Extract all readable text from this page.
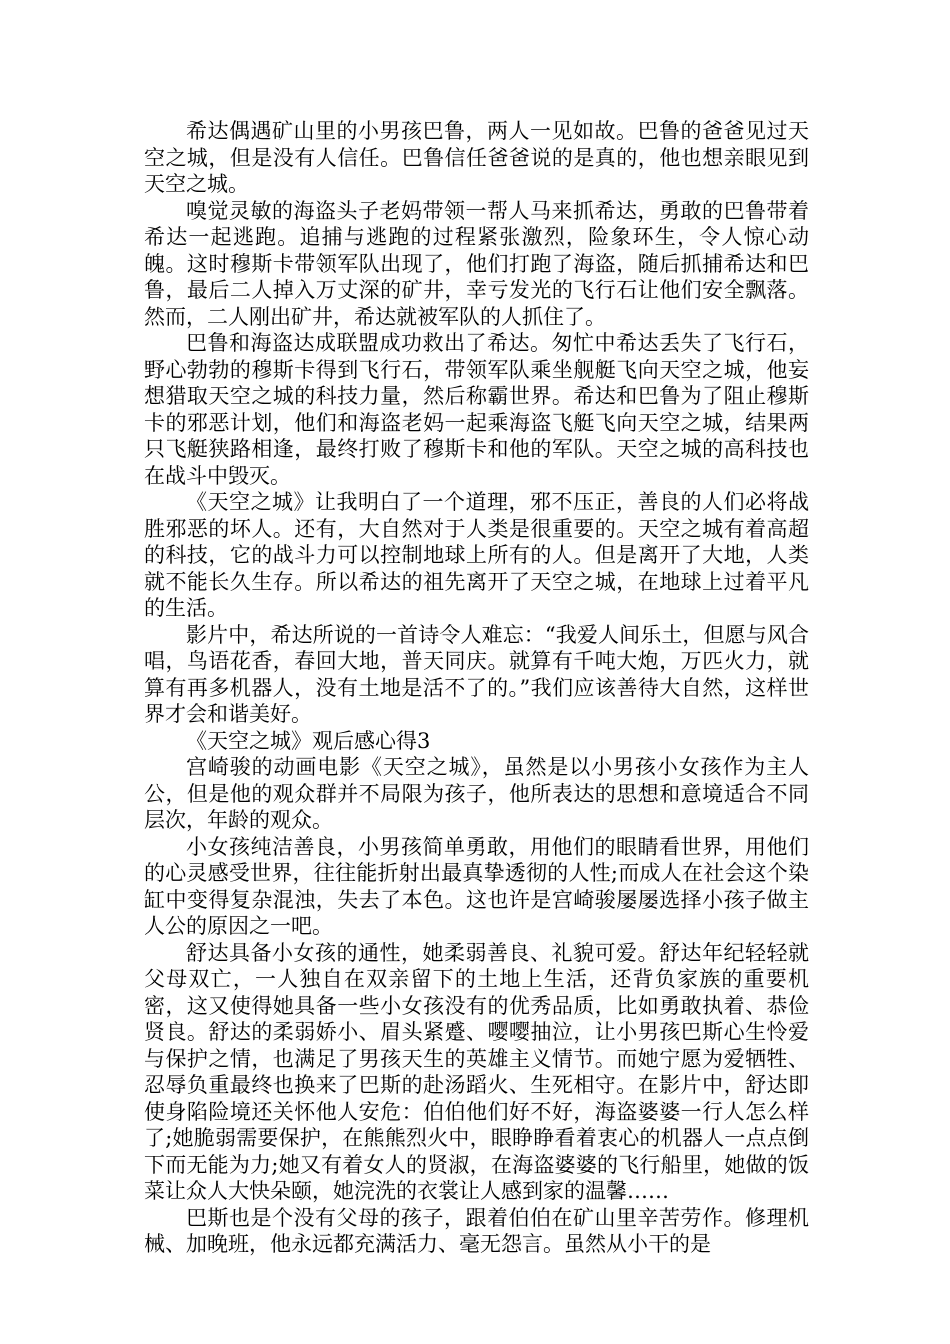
希达偶遇矿山里的小男孩巴鲁，两人一见如故。巴鲁的爸爸见过天空之城，但是没有人信任。巴鲁信任爸爸说的是真的，他也想亲眼见到天空之城。

嗅觉灵敏的海盗头子老妈带领一帮人马来抓希达，勇敢的巴鲁带着希达一起逃跑。追捕与逃跑的过程紧张激烈，险象环生，令人惊心动魄。这时穆斯卡带领军队出现了，他们打跑了海盗，随后抓捕希达和巴鲁，最后二人掉入万丈深的矿井，幸亏发光的飞行石让他们安全飘落。然而，二人刚出矿井，希达就被军队的人抓住了。

巴鲁和海盗达成联盟成功救出了希达。匆忙中希达丢失了飞行石，野心勃勃的穆斯卡得到飞行石，带领军队乘坐舰艇飞向天空之城，他妄想猎取天空之城的科技力量，然后称霸世界。希达和巴鲁为了阻止穆斯卡的邪恶计划，他们和海盗老妈一起乘海盗飞艇飞向天空之城，结果两只飞艇狭路相逢，最终打败了穆斯卡和他的军队。天空之城的高科技也在战斗中毁灭。

《天空之城》让我明白了一个道理，邪不压正，善良的人们必将战胜邪恶的坏人。还有，大自然对于人类是很重要的。天空之城有着高超的科技，它的战斗力可以控制地球上所有的人。但是离开了大地，人类就不能长久生存。所以希达的祖先离开了天空之城，在地球上过着平凡的生活。

影片中，希达所说的一首诗令人难忘：“我爱人间乐土，但愿与风合唱，鸟语花香，春回大地，普天同庆。就算有千吨大炮，万匹火力，就算有再多机器人，没有土地是活不了的。”我们应该善待大自然，这样世界才会和谐美好。

《天空之城》观后感心得3

宫崎骏的动画电影《天空之城》，虽然是以小男孩小女孩作为主人公，但是他的观众群并不局限为孩子，他所表达的思想和意境适合不同层次，年龄的观众。

小女孩纯洁善良，小男孩简单勇敢，用他们的眼睛看世界，用他们的心灵感受世界，往往能折射出最真挚透彻的人性;而成人在社会这个染缸中变得复杂混浊，失去了本色。这也许是宫崎骏屡屡选择小孩子做主人公的原因之一吧。

舒达具备小女孩的通性，她柔弱善良、礼貌可爱。舒达年纪轻轻就父母双亡，一人独自在双亲留下的土地上生活，还背负家族的重要机密，这又使得她具备一些小女孩没有的优秀品质，比如勇敢执着、恭俭贤良。舒达的柔弱娇小、眉头紧蹙、嘤嘤抽泣，让小男孩巴斯心生怜爱与保护之情，也满足了男孩天生的英雄主义情节。而她宁愿为爱牺牲、忍辱负重最终也换来了巴斯的赴汤蹈火、生死相守。在影片中，舒达即使身陷险境还关怀他人安危：伯伯他们好不好，海盗婆婆一行人怎么样了;她脆弱需要保护，在熊熊烈火中，眼睁睁看着衷心的机器人一点点倒下而无能为力;她又有着女人的贤淑，在海盗婆婆的飞行船里，她做的饭菜让众人大快朵颐，她浣洗的衣裳让人感到家的温馨……

巴斯也是个没有父母的孩子，跟着伯伯在矿山里辛苦劳作。修理机械、加晚班，他永远都充满活力、毫无怨言。虽然从小干的是
